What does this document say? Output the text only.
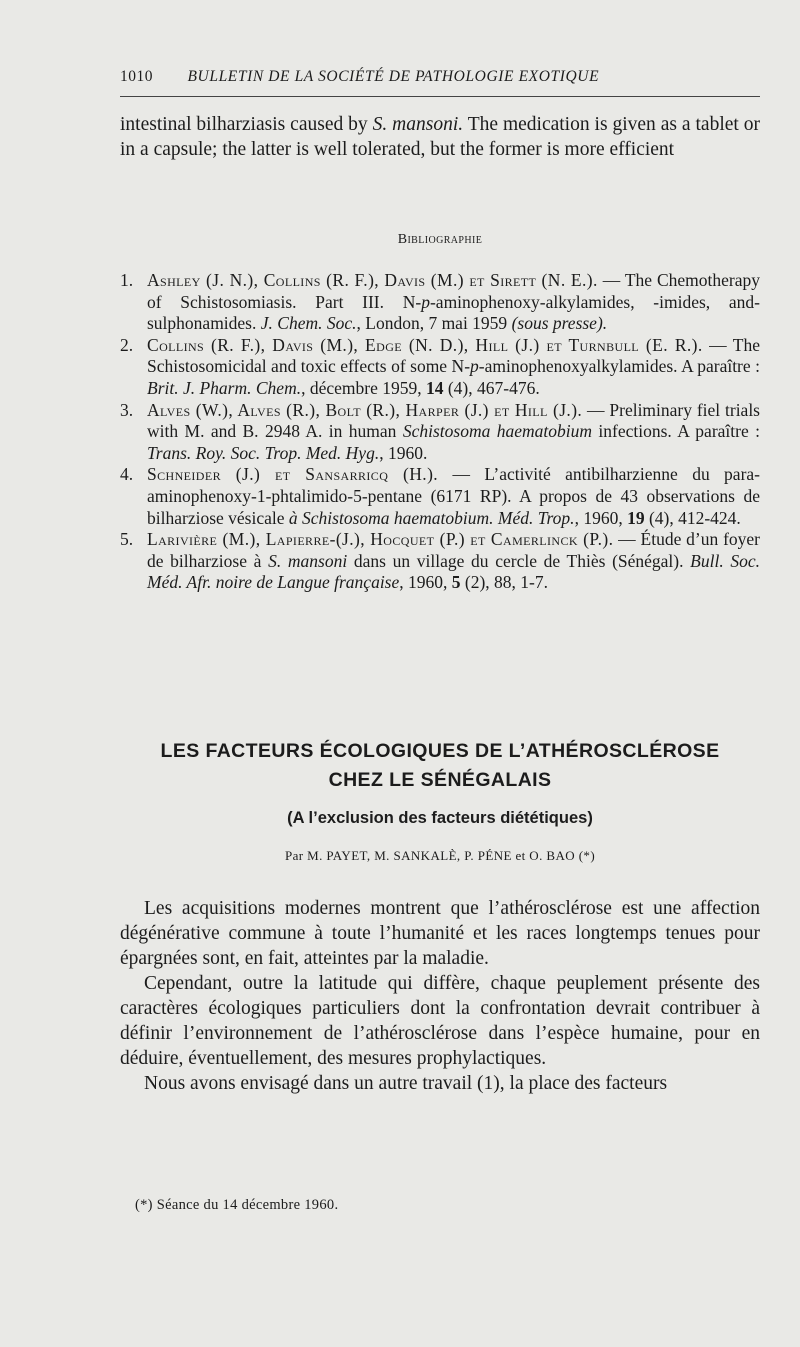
1010 BULLETIN DE LA SOCIÉTÉ DE PATHOLOGIE EXOTIQUE
intestinal bilharziasis caused by S. mansoni. The medication is given as a tablet or in a capsule; the latter is well tolerated, but the former is more efficient
Bibliographie
1. Ashley (J. N.), Collins (R. F.), Davis (M.) et Sirett (N. E.). — The Chemotherapy of Schistosomiasis. Part III. N-p-aminophenoxy-alkylamides, -imides, and-sulphonamides. J. Chem. Soc., London, 7 mai 1959 (sous presse).
2. Collins (R. F.), Davis (M.), Edge (N. D.), Hill (J.) et Turnbull (E. R.). — The Schistosomicidal and toxic effects of some N-p-aminophenoxyalkylamides. A paraître : Brit. J. Pharm. Chem., décembre 1959, 14 (4), 467-476.
3. Alves (W.), Alves (R.), Bolt (R.), Harper (J.) et Hill (J.). — Preliminary fiel trials with M. and B. 2948 A. in human Schistosoma haematobium infections. A paraître : Trans. Roy. Soc. Trop. Med. Hyg., 1960.
4. Schneider (J.) et Sansarricq (H.). — L’activité antibilharzienne du para-aminophenoxy-1-phtalimido-5-pentane (6171 RP). A propos de 43 observations de bilharziose vésicale à Schistosoma haematobium. Méd. Trop., 1960, 19 (4), 412-424.
5. Larivière (M.), Lapierre-(J.), Hocquet (P.) et Camerlinck (P.). — Étude d’un foyer de bilharziose à S. mansoni dans un village du cercle de Thiès (Sénégal). Bull. Soc. Méd. Afr. noire de Langue française, 1960, 5 (2), 88, 1-7.
LES FACTEURS ÉCOLOGIQUES DE L’ATHÉROSCLÉROSE
CHEZ LE SÉNÉGALAIS
(A l’exclusion des facteurs diététiques)
Par M. PAYET, M. SANKALÈ, P. PÉNE et O. BAO (*)

Les acquisitions modernes montrent que l’athérosclérose est une affection dégénérative commune à toute l’humanité et les races longtemps tenues pour épargnées sont, en fait, atteintes par la maladie.

Cependant, outre la latitude qui diffère, chaque peuplement présente des caractères écologiques particuliers dont la confrontation devrait contribuer à définir l’environnement de l’athérosclérose dans l’espèce humaine, pour en déduire, éventuellement, des mesures prophylactiques.

Nous avons envisagé dans un autre travail (1), la place des facteurs

(*) Séance du 14 décembre 1960.
